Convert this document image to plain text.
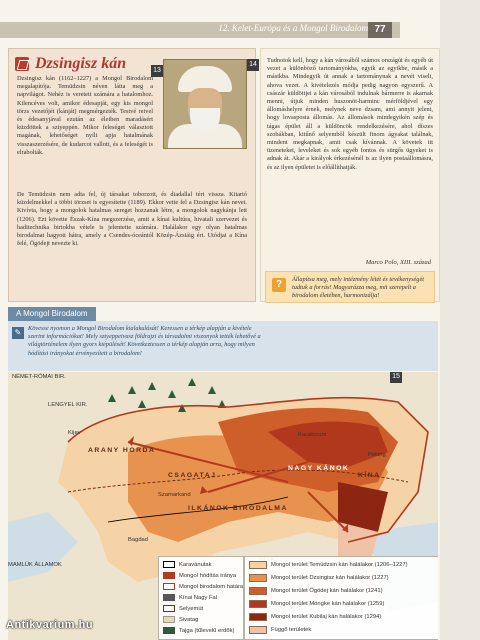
12. Kelet-Európa és a Mongol Birodalom 77
Dzsingisz kán	13
Dzsingisz kán (1162–1227) a Mongol Birodalom megalapítója. Temüdzsin néven látta meg a napvilágot. Nehéz is veretett számára a hatalomhoz. Kilencéves volt, amikor édesapját, egy kis mongol törzs vezetőjét (kánját) megmérgezték. Testvé reivel és édesanyjával ezután az életben maradásért küzdöttek a sztyeppén. Mikor feleséget választott magának, lehetőséget nyílt apja hatalmának visszaszerzésére, de kudarcot vallott, és a feleségét is elrabolták.
De Temüdzsin nem adta fel, új társakat toborzott, és diadallal tért vissza. Kitartó küzdelmekkel a többi törzset is egyesítette (1189). Ekkor vette fel a Dzsingisz kán nevet. Kivívta, hogy a mongolok hatalmas sereget hozzanak létre, a mongolok nagykánja lett (1206). Ezt követte Észak-Kína megszerzése, amit a kínai kultúra, hivatali szervezet és haditechnika birtokba vétele is jelentette számára. Halálakor egy olyan hatalmas birodalmat hagyott hátra, amely a Csendes-óceántól Közép-Ázsiáig ért. Utódjai a Kína felé, Ögödejt nevezte ki.
14
Tudnotok kell, hogy a kán városából számos országút és egyéb út vezet a különböző tartományokba, egyik az egyikbe, másik a másikba. Mindegyik út annak a tartománynak a nevét viseli, ahova vezet. A kivételezés módja pedig nagyon egyszerű. A császár küldöttjei a kán városából indulnak bármerre is akarnak menni, útjuk minden huszonöt-harminc mérföldjével egy állomáshelyre érnek, melynek neve dzsam, ami annyit jelent, hogy lovasposta állomás. Az állomások mindegyikén szép és tágas épület áll a küldöncök rendelkezésére, ahol díszes szobákban, kitűnő selyemből készült finom ágyakat találnak, mindent megkapnak, amit csak kívánnak. A követek itt üzeneteket, leveleket és sok egyéb fontos és sürgős ügyeket is adnak át. Akár a királyok érkezésénél is az ilyen postaállomásra, és az ilyen épületet is előállíthatják.
Marco Polo, XIII. század
?	Állapítsa meg, mely intézmény létét és tevékenységét tudtuk a forrás! Magyarázza meg, mit szerepelt a birodalom életében, harmonizálja!
A Mongol Birodalom
✎	Kövesse nyomon a Mongol Birodalom kialakulását! Keressen a térkép alapján a kivétele szerint információkat! Mely sztyeppeivasz földrajzi és társadalmi viszonyok tették lehetővé a világtörténelem ilyen gyors kiépülését! Következtessen a térkép alapján arra, hogy milyen hódítási irányokat érvényesített a birodalom!
15
NÉMET-RÓMAI BIR.
LENGYEL KIR.
Kijev
ARANY HORDA
CSAGATAJ
ILKÁNOK BIRODALMA
NAGY KÁNOK
Szamarkand
KÍNA
Bagdad
MAMLÚK ÁLLAMOK
Karakorum
Peking
Karavánutak
Mongol hódítás iránya
Mongol birodalom határa
Kínai Nagy Fal
Selyemút
Sivatag
Tajga (tűlevelű erdők)
Mongol terület Temüdzsin kán halálakor (1206–1227)
Mongol terület Dzsingisz kán halálakor (1227)
Mongol terület Ögödej kán halálakor (1241)
Mongol terület Möngke kán halálakor (1259)
Mongol terület Kubilaj kán halálakor (1294)
Függő területek
Antikvarium.hu
